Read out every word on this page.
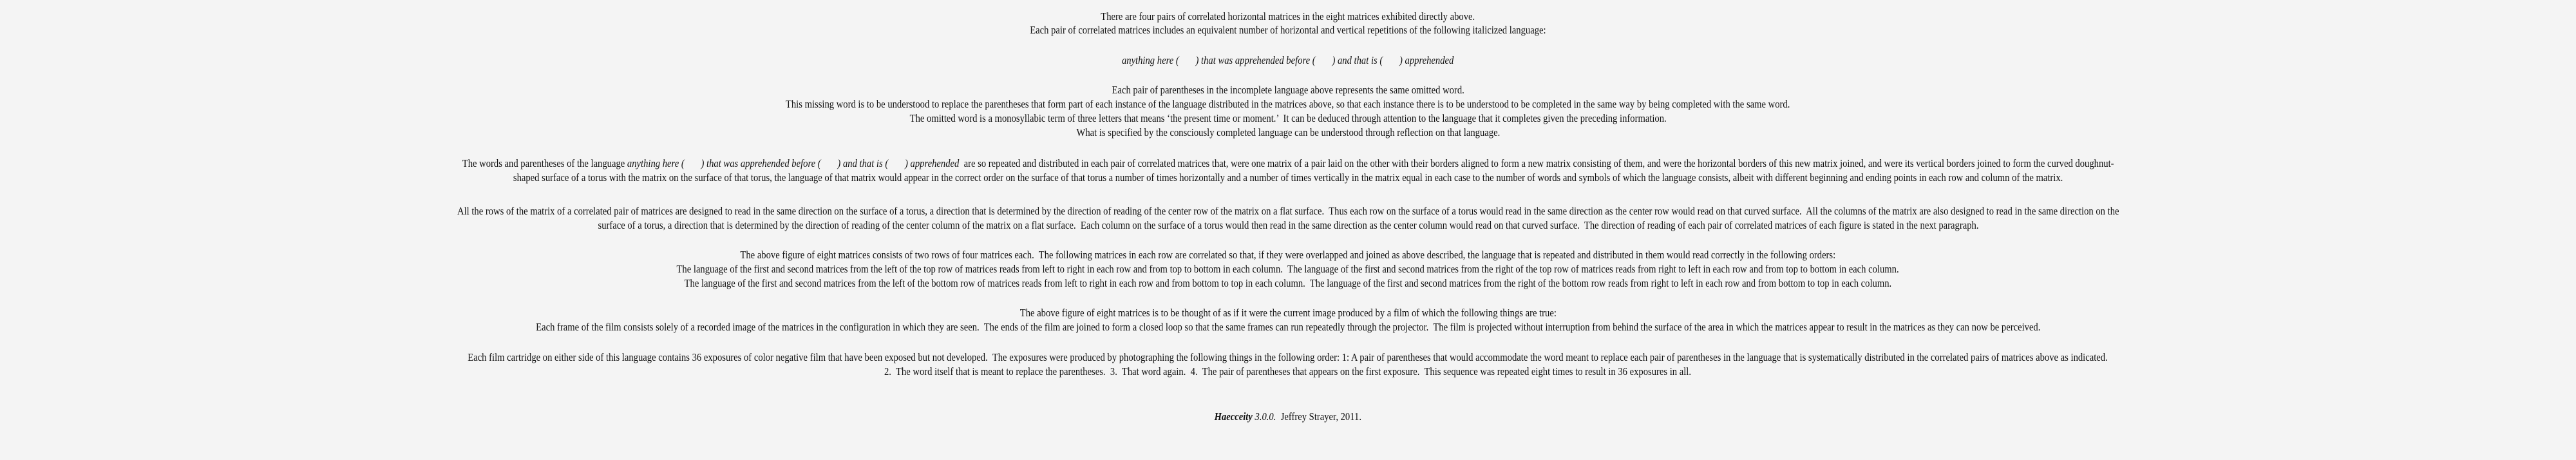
There are four pairs of correlated horizontal matrices in the eight matrices exhibited directly above.
Each pair of correlated matrices includes an equivalent number of horizontal and vertical repetitions of the following italicized language:
anything here ( ) that was apprehended before ( ) and that is ( ) apprehended
Each pair of parentheses in the incomplete language above represents the same omitted word.
This missing word is to be understood to replace the parentheses that form part of each instance of the language distributed in the matrices above, so that each instance there is to be understood to be completed in the same way by being completed with the same word.
The omitted word is a monosyllabic term of three letters that means ‘the present time or moment.’  It can be deduced through attention to the language that it completes given the preceding information.
What is specified by the consciously completed language can be understood through reflection on that language.
The words and parentheses of the language anything here ( ) that was apprehended before ( ) and that is ( ) apprehended  are so repeated and distributed in each pair of correlated matrices that, were one matrix of a pair laid on the other with their borders aligned to form a new matrix consisting of them, and were the horizontal borders of this new matrix joined, and were its vertical borders joined to form the curved doughnut-
shaped surface of a torus with the matrix on the surface of that torus, the language of that matrix would appear in the correct order on the surface of that torus a number of times horizontally and a number of times vertically in the matrix equal in each case to the number of words and symbols of which the language consists, albeit with different beginning and ending points in each row and column of the matrix.
All the rows of the matrix of a correlated pair of matrices are designed to read in the same direction on the surface of a torus, a direction that is determined by the direction of reading of the center row of the matrix on a flat surface.  Thus each row on the surface of a torus would read in the same direction as the center row would read on that curved surface.  All the columns of the matrix are also designed to read in the same direction on the
surface of a torus, a direction that is determined by the direction of reading of the center column of the matrix on a flat surface.  Each column on the surface of a torus would then read in the same direction as the center column would read on that curved surface.  The direction of reading of each pair of correlated matrices of each figure is stated in the next paragraph.
The above figure of eight matrices consists of two rows of four matrices each.  The following matrices in each row are correlated so that, if they were overlapped and joined as above described, the language that is repeated and distributed in them would read correctly in the following orders:
The language of the first and second matrices from the left of the top row of matrices reads from left to right in each row and from top to bottom in each column.  The language of the first and second matrices from the right of the top row of matrices reads from right to left in each row and from top to bottom in each column.
The language of the first and second matrices from the left of the bottom row of matrices reads from left to right in each row and from bottom to top in each column.  The language of the first and second matrices from the right of the bottom row reads from right to left in each row and from bottom to top in each column.
The above figure of eight matrices is to be thought of as if it were the current image produced by a film of which the following things are true:
Each frame of the film consists solely of a recorded image of the matrices in the configuration in which they are seen.  The ends of the film are joined to form a closed loop so that the same frames can run repeatedly through the projector.  The film is projected without interruption from behind the surface of the area in which the matrices appear to result in the matrices as they can now be perceived.
Each film cartridge on either side of this language contains 36 exposures of color negative film that have been exposed but not developed.  The exposures were produced by photographing the following things in the following order: 1: A pair of parentheses that would accommodate the word meant to replace each pair of parentheses in the language that is systematically distributed in the correlated pairs of matrices above as indicated.
2.  The word itself that is meant to replace the parentheses.  3.  That word again.  4.  The pair of parentheses that appears on the first exposure.  This sequence was repeated eight times to result in 36 exposures in all.
Haecceity 3.0.0.  Jeffrey Strayer, 2011.
